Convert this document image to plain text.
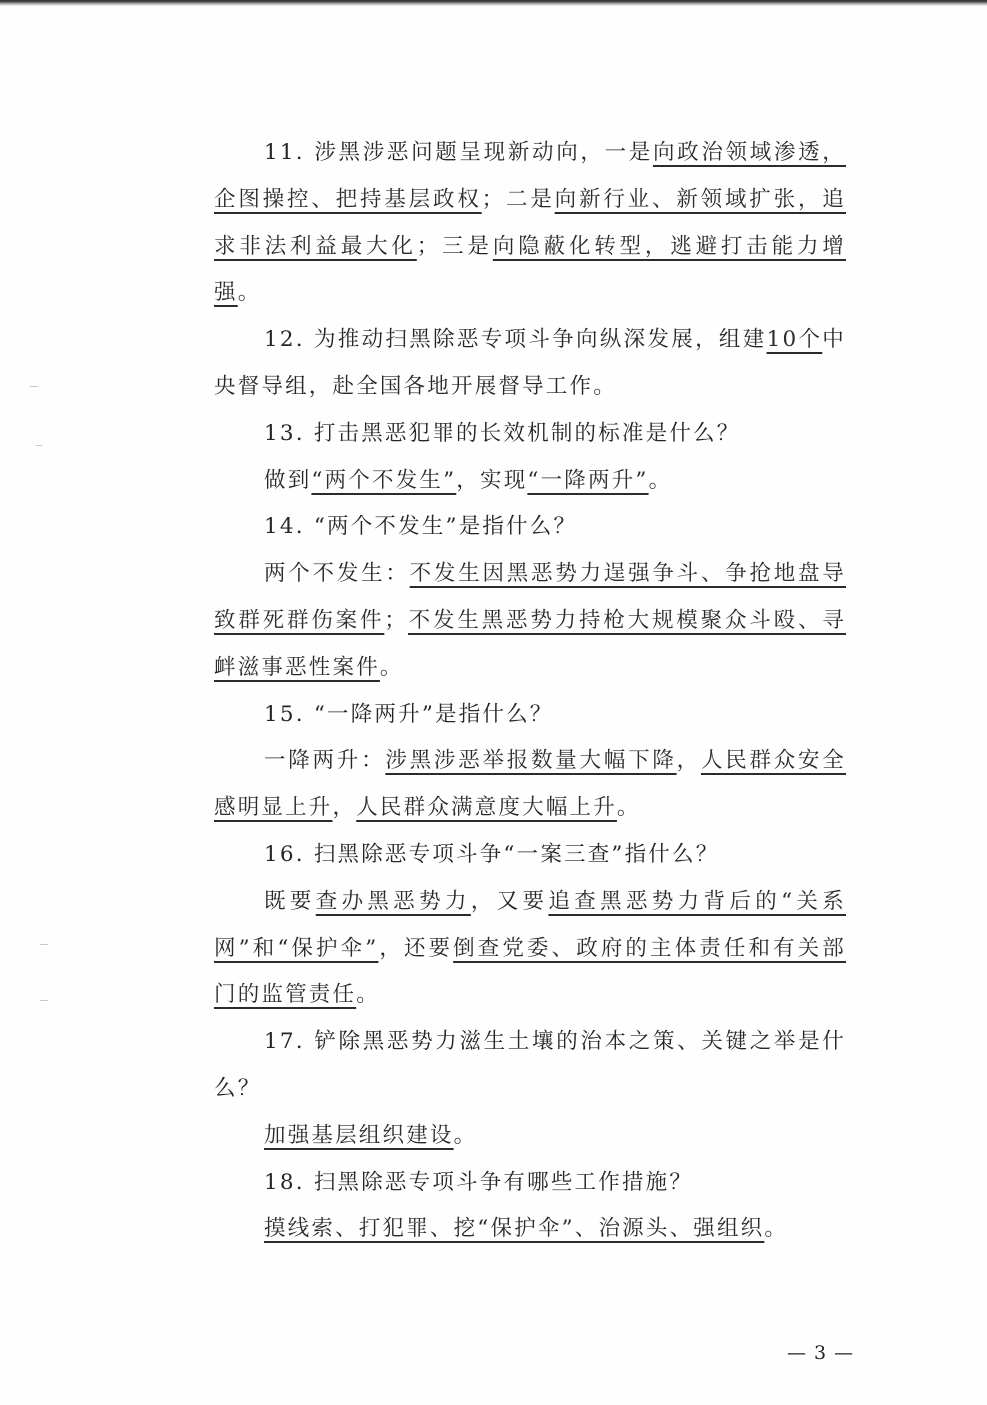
11. 涉黑涉恶问题呈现新动向，一是向政治领域渗透，企图操控、把持基层政权；二是向新行业、新领域扩张，追求非法利益最大化；三是向隐蔽化转型，逃避打击能力增强。

12. 为推动扫黑除恶专项斗争向纵深发展，组建10个中央督导组，赴全国各地开展督导工作。

13. 打击黑恶犯罪的长效机制的标准是什么？

做到“两个不发生”，实现“一降两升”。

14. “两个不发生”是指什么？

两个不发生：不发生因黑恶势力逞强争斗、争抢地盘导致群死群伤案件；不发生黑恶势力持枪大规模聚众斗殴、寻衅滋事恶性案件。

15. “一降两升”是指什么？

一降两升：涉黑涉恶举报数量大幅下降，人民群众安全感明显上升，人民群众满意度大幅上升。

16. 扫黑除恶专项斗争“一案三查”指什么？

既要查办黑恶势力，又要追查黑恶势力背后的“关系网”和“保护伞”，还要倒查党委、政府的主体责任和有关部门的监管责任。

17. 铲除黑恶势力滋生土壤的治本之策、关键之举是什么？

加强基层组织建设。

18. 扫黑除恶专项斗争有哪些工作措施？

摸线索、打犯罪、挖“保护伞”、治源头、强组织。

— 3 —
